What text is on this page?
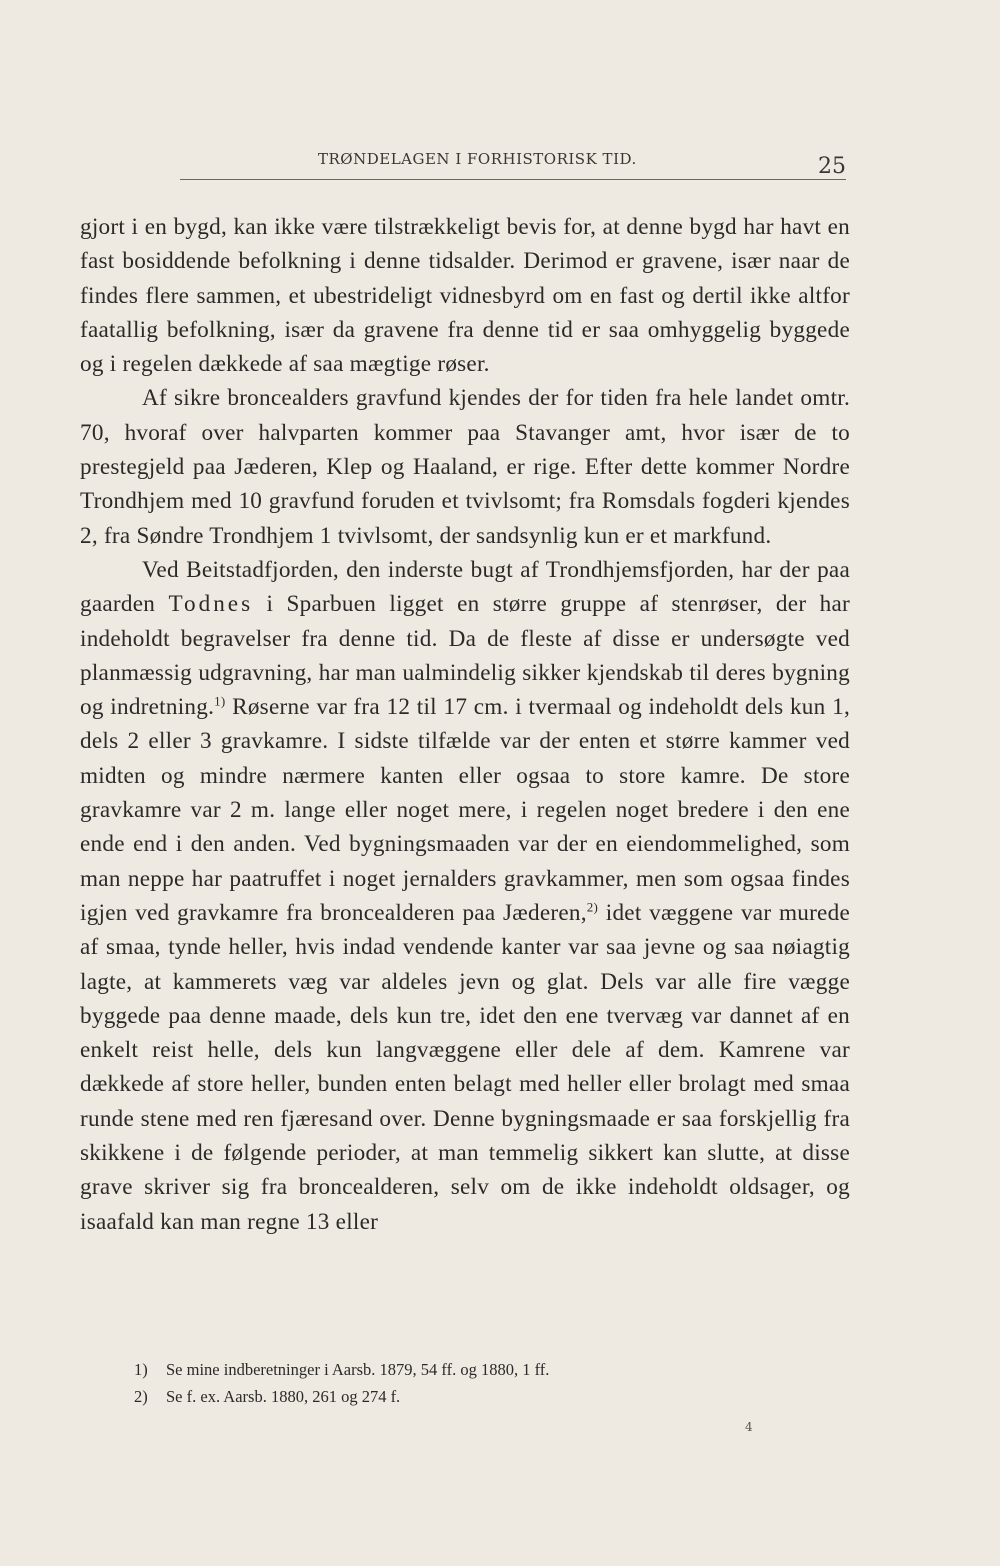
TRØNDELAGEN I FORHISTORISK TID.	25

gjort i en bygd, kan ikke være tilstrækkeligt bevis for, at denne bygd har havt en fast bosiddende befolkning i denne tidsalder. Derimod er gravene, især naar de findes flere sammen, et ubestrideligt vidnesbyrd om en fast og dertil ikke altfor faatallig befolkning, især da gravene fra denne tid er saa omhyggelig byggede og i regelen dækkede af saa mægtige røser.

Af sikre broncealders gravfund kjendes der for tiden fra hele landet omtr. 70, hvoraf over halvparten kommer paa Stavanger amt, hvor især de to prestegjeld paa Jæderen, Klep og Haaland, er rige. Efter dette kommer Nordre Trondhjem med 10 gravfund foruden et tvivlsomt; fra Romsdals fogderi kjendes 2, fra Søndre Trondhjem 1 tvivlsomt, der sandsynlig kun er et markfund.

Ved Beitstadfjorden, den inderste bugt af Trondhjemsfjorden, har der paa gaarden Todnes i Sparbuen ligget en større gruppe af stenrøser, der har indeholdt begravelser fra denne tid. Da de fleste af disse er undersøgte ved planmæssig udgravning, har man ualmindelig sikker kjendskab til deres bygning og indretning.$^{1)}$ Røserne var fra 12 til 17 cm. i tvermaal og indeholdt dels kun 1, dels 2 eller 3 gravkamre. I sidste tilfælde var der enten et større kammer ved midten og mindre nærmere kanten eller ogsaa to store kamre. De store gravkamre var 2 m. lange eller noget mere, i regelen noget bredere i den ene ende end i den anden. Ved bygningsmaaden var der en eiendommelighed, som man neppe har paatruffet i noget jernalders gravkammer, men som ogsaa findes igjen ved gravkamre fra broncealderen paa Jæderen,$^{2)}$ idet væggene var murede af smaa, tynde heller, hvis indad vendende kanter var saa jevne og saa nøiagtig lagte, at kammerets væg var aldeles jevn og glat. Dels var alle fire vægge byggede paa denne maade, dels kun tre, idet den ene tvervæg var dannet af en enkelt reist helle, dels kun langvæggene eller dele af dem. Kamrene var dækkede af store heller, bunden enten belagt med heller eller brolagt med smaa runde stene med ren fjæresand over. Denne bygningsmaade er saa forskjellig fra skikkene i de følgende perioder, at man temmelig sikkert kan slutte, at disse grave skriver sig fra broncealderen, selv om de ikke indeholdt oldsager, og isaafald kan man regne 13 eller

1)	Se mine indberetninger i Aarsb. 1879, 54 ff. og 1880, 1 ff.
2)	Se f. ex. Aarsb. 1880, 261 og 274 f.
4
